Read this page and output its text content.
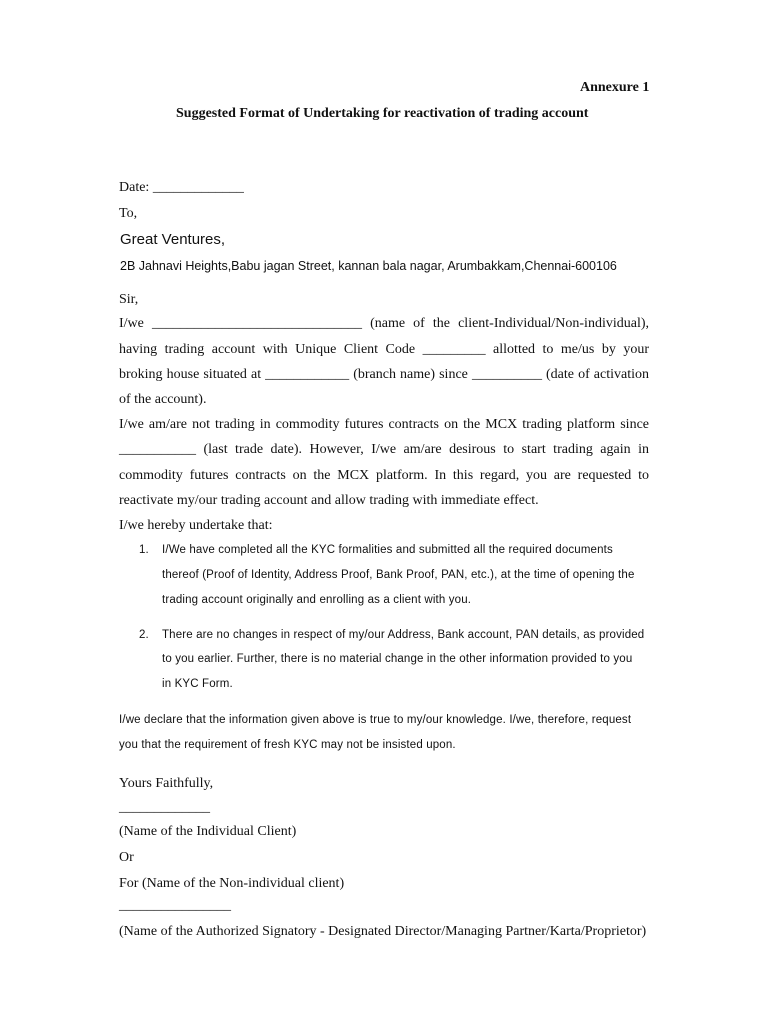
Annexure 1
Suggested Format of Undertaking for reactivation of trading account
Date: _____________
To,
Great Ventures,
2B Jahnavi Heights,Babu jagan Street, kannan bala nagar, Arumbakkam,Chennai-600106
Sir,
I/we ______________________________ (name of the client-Individual/Non-individual),
having trading account with Unique Client Code _________ allotted to me/us by your
broking house situated at ____________ (branch name) since __________ (date of activation
of the account).
I/we am/are not trading in commodity futures contracts on the MCX trading platform since
___________ (last trade date). However, I/we am/are desirous to start trading again in
commodity futures contracts on the MCX platform. In this regard, you are requested to
reactivate my/our trading account and allow trading with immediate effect.
I/we hereby undertake that:
1. I/We have completed all the KYC formalities and submitted all the required documents
thereof (Proof of Identity, Address Proof, Bank Proof, PAN, etc.), at the time of opening the
trading account originally and enrolling as a client with you.
2. There are no changes in respect of my/our Address, Bank account, PAN details, as provided
to you earlier. Further, there is no material change in the other information provided to you
in KYC Form.
I/we declare that the information given above is true to my/our knowledge. I/we, therefore, request
you that the requirement of fresh KYC may not be insisted upon.
Yours Faithfully,
_____________
(Name of the Individual Client)
Or
For (Name of the Non-individual client)
________________
(Name of the Authorized Signatory - Designated Director/Managing Partner/Karta/Proprietor)
